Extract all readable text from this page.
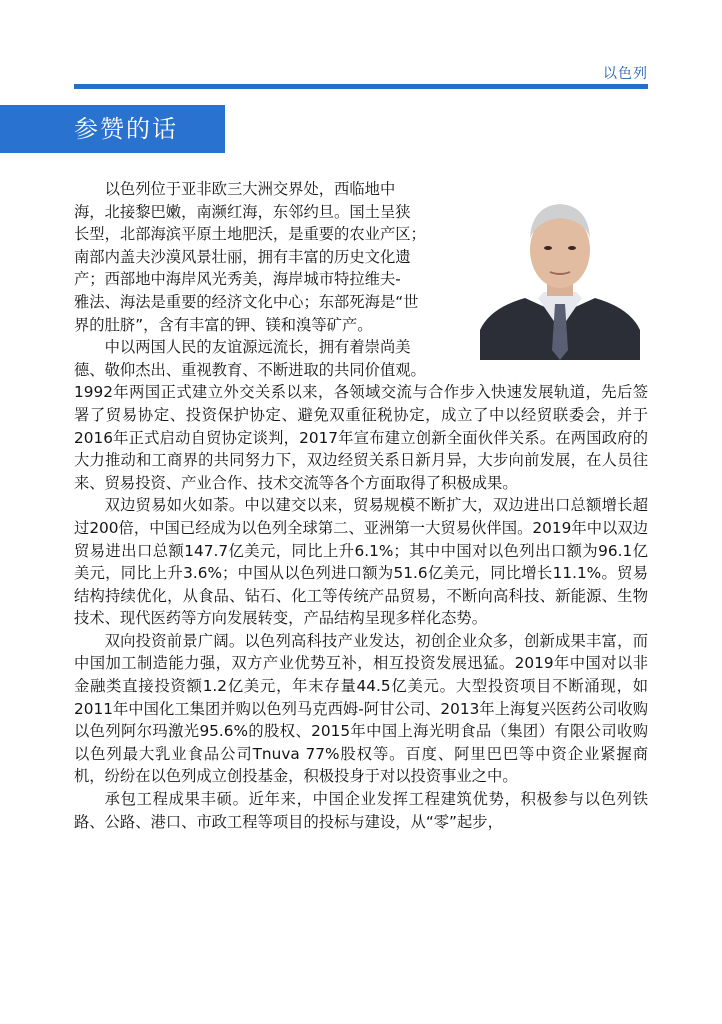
以色列
参赞的话

以色列位于亚非欧三大洲交界处，西临地中
海，北接黎巴嫩，南濒红海，东邻约旦。国土呈狭
长型，北部海滨平原土地肥沃，是重要的农业产区；
南部内盖夫沙漠风景壮丽，拥有丰富的历史文化遗
产；西部地中海岸风光秀美，海岸城市特拉维夫-
雅法、海法是重要的经济文化中心；东部死海是“世
界的肚脐”，含有丰富的钾、镁和溴等矿产。

中以两国人民的友谊源远流长，拥有着崇尚美
德、敬仰杰出、重视教育、不断进取的共同价值观。
1992年两国正式建立外交关系以来，各领域交流与合作步入快速发展轨道，先后签署了贸易协定、投资保护协定、避免双重征税协定，成立了中以经贸联委会，并于2016年正式启动自贸协定谈判，2017年宣布建立创新全面伙伴关系。在两国政府的大力推动和工商界的共同努力下，双边经贸关系日新月异，大步向前发展，在人员往来、贸易投资、产业合作、技术交流等各个方面取得了积极成果。

双边贸易如火如荼。中以建交以来，贸易规模不断扩大，双边进出口总额增长超过200倍，中国已经成为以色列全球第二、亚洲第一大贸易伙伴国。2019年中以双边贸易进出口总额147.7亿美元，同比上升6.1%；其中中国对以色列出口额为96.1亿美元，同比上升3.6%；中国从以色列进口额为51.6亿美元，同比增长11.1%。贸易结构持续优化，从食品、钻石、化工等传统产品贸易，不断向高科技、新能源、生物技术、现代医药等方向发展转变，产品结构呈现多样化态势。

双向投资前景广阔。以色列高科技产业发达，初创企业众多，创新成果丰富，而中国加工制造能力强，双方产业优势互补，相互投资发展迅猛。2019年中国对以非金融类直接投资额1.2亿美元，年末存量44.5亿美元。大型投资项目不断涌现，如2011年中国化工集团并购以色列马克西姆-阿甘公司、2013年上海复兴医药公司收购以色列阿尔玛激光95.6%的股权、2015年中国上海光明食品（集团）有限公司收购以色列最大乳业食品公司Tnuva 77%股权等。百度、阿里巴巴等中资企业紧握商机，纷纷在以色列成立创投基金，积极投身于对以投资事业之中。

承包工程成果丰硕。近年来，中国企业发挥工程建筑优势，积极参与以色列铁路、公路、港口、市政工程等项目的投标与建设，从“零”起步，
